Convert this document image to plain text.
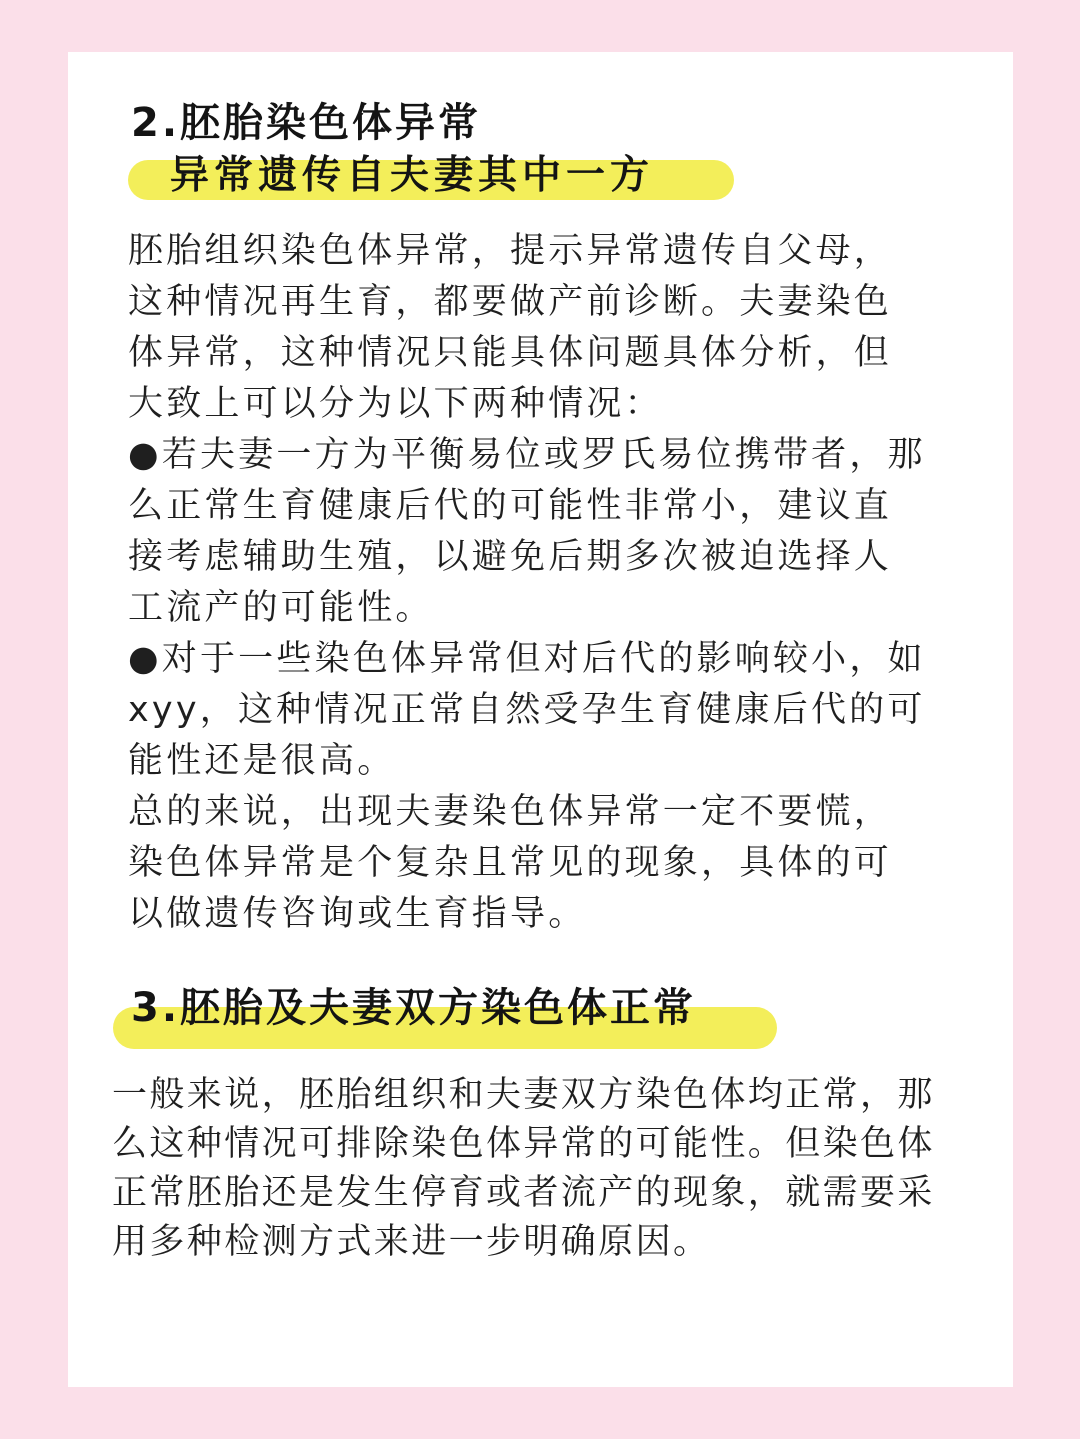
2.胚胎染色体异常
异常遗传自夫妻其中一方
胚胎组织染色体异常，提示异常遗传自父母，
这种情况再生育，都要做产前诊断。夫妻染色
体异常，这种情况只能具体问题具体分析，但
大致上可以分为以下两种情况：
●若夫妻一方为平衡易位或罗氏易位携带者，那
么正常生育健康后代的可能性非常小，建议直
接考虑辅助生殖，以避免后期多次被迫选择人
工流产的可能性。
●对于一些染色体异常但对后代的影响较小，如
xyy，这种情况正常自然受孕生育健康后代的可
能性还是很高。
总的来说，出现夫妻染色体异常一定不要慌，
染色体异常是个复杂且常见的现象，具体的可
以做遗传咨询或生育指导。
3.胚胎及夫妻双方染色体正常
一般来说，胚胎组织和夫妻双方染色体均正常，那
么这种情况可排除染色体异常的可能性。但染色体
正常胚胎还是发生停育或者流产的现象，就需要采
用多种检测方式来进一步明确原因。
